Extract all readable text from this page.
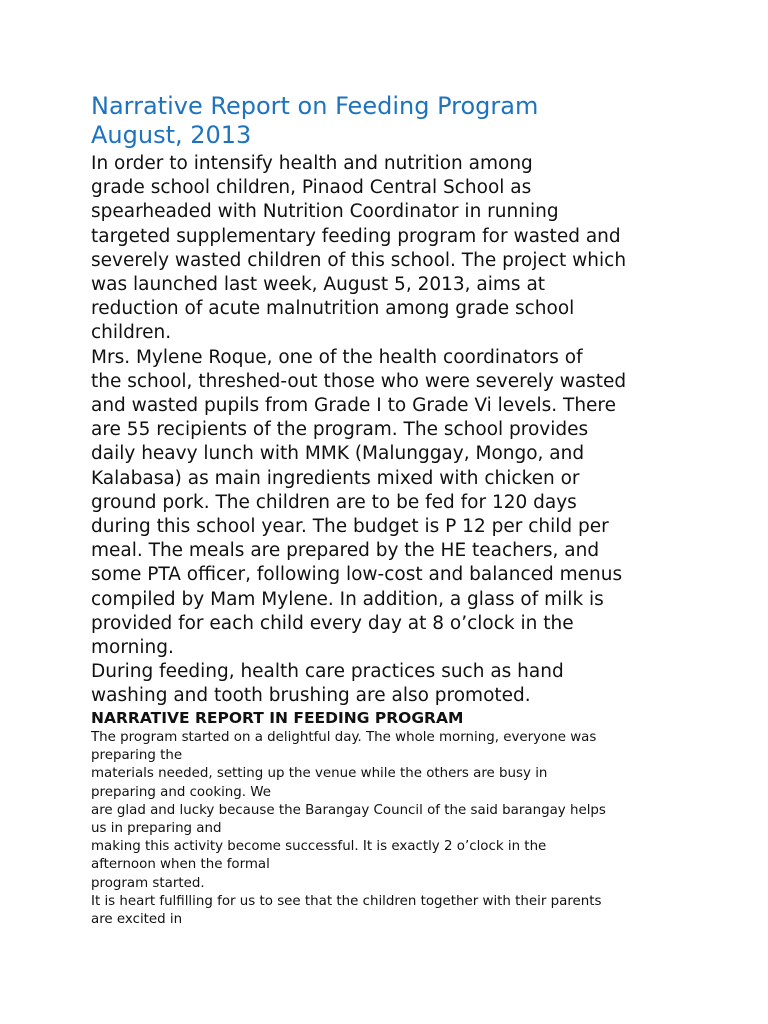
Narrative Report on Feeding Program
August, 2013
In order to intensify health and nutrition among
grade school children, Pinaod Central School as
spearheaded with Nutrition Coordinator in running
targeted supplementary feeding program for wasted and
severely wasted children of this school. The project which
was launched last week, August 5, 2013, aims at
reduction of acute malnutrition among grade school
children.
Mrs. Mylene Roque, one of the health coordinators of
the school, threshed-out those who were severely wasted
and wasted pupils from Grade I to Grade Vi levels. There
are 55 recipients of the program. The school provides
daily heavy lunch with MMK (Malunggay, Mongo, and
Kalabasa) as main ingredients mixed with chicken or
ground pork. The children are to be fed for 120 days
during this school year. The budget is P 12 per child per
meal. The meals are prepared by the HE teachers, and
some PTA officer, following low-cost and balanced menus
compiled by Mam Mylene. In addition, a glass of milk is
provided for each child every day at 8 o’clock in the
morning.
During feeding, health care practices such as hand
washing and tooth brushing are also promoted.
NARRATIVE REPORT IN FEEDING PROGRAM
The program started on a delightful day. The whole morning, everyone was
preparing the
materials needed, setting up the venue while the others are busy in
preparing and cooking. We
are glad and lucky because the Barangay Council of the said barangay helps
us in preparing and
making this activity become successful. It is exactly 2 o’clock in the
afternoon when the formal
program started.
It is heart fulfilling for us to see that the children together with their parents
are excited in
